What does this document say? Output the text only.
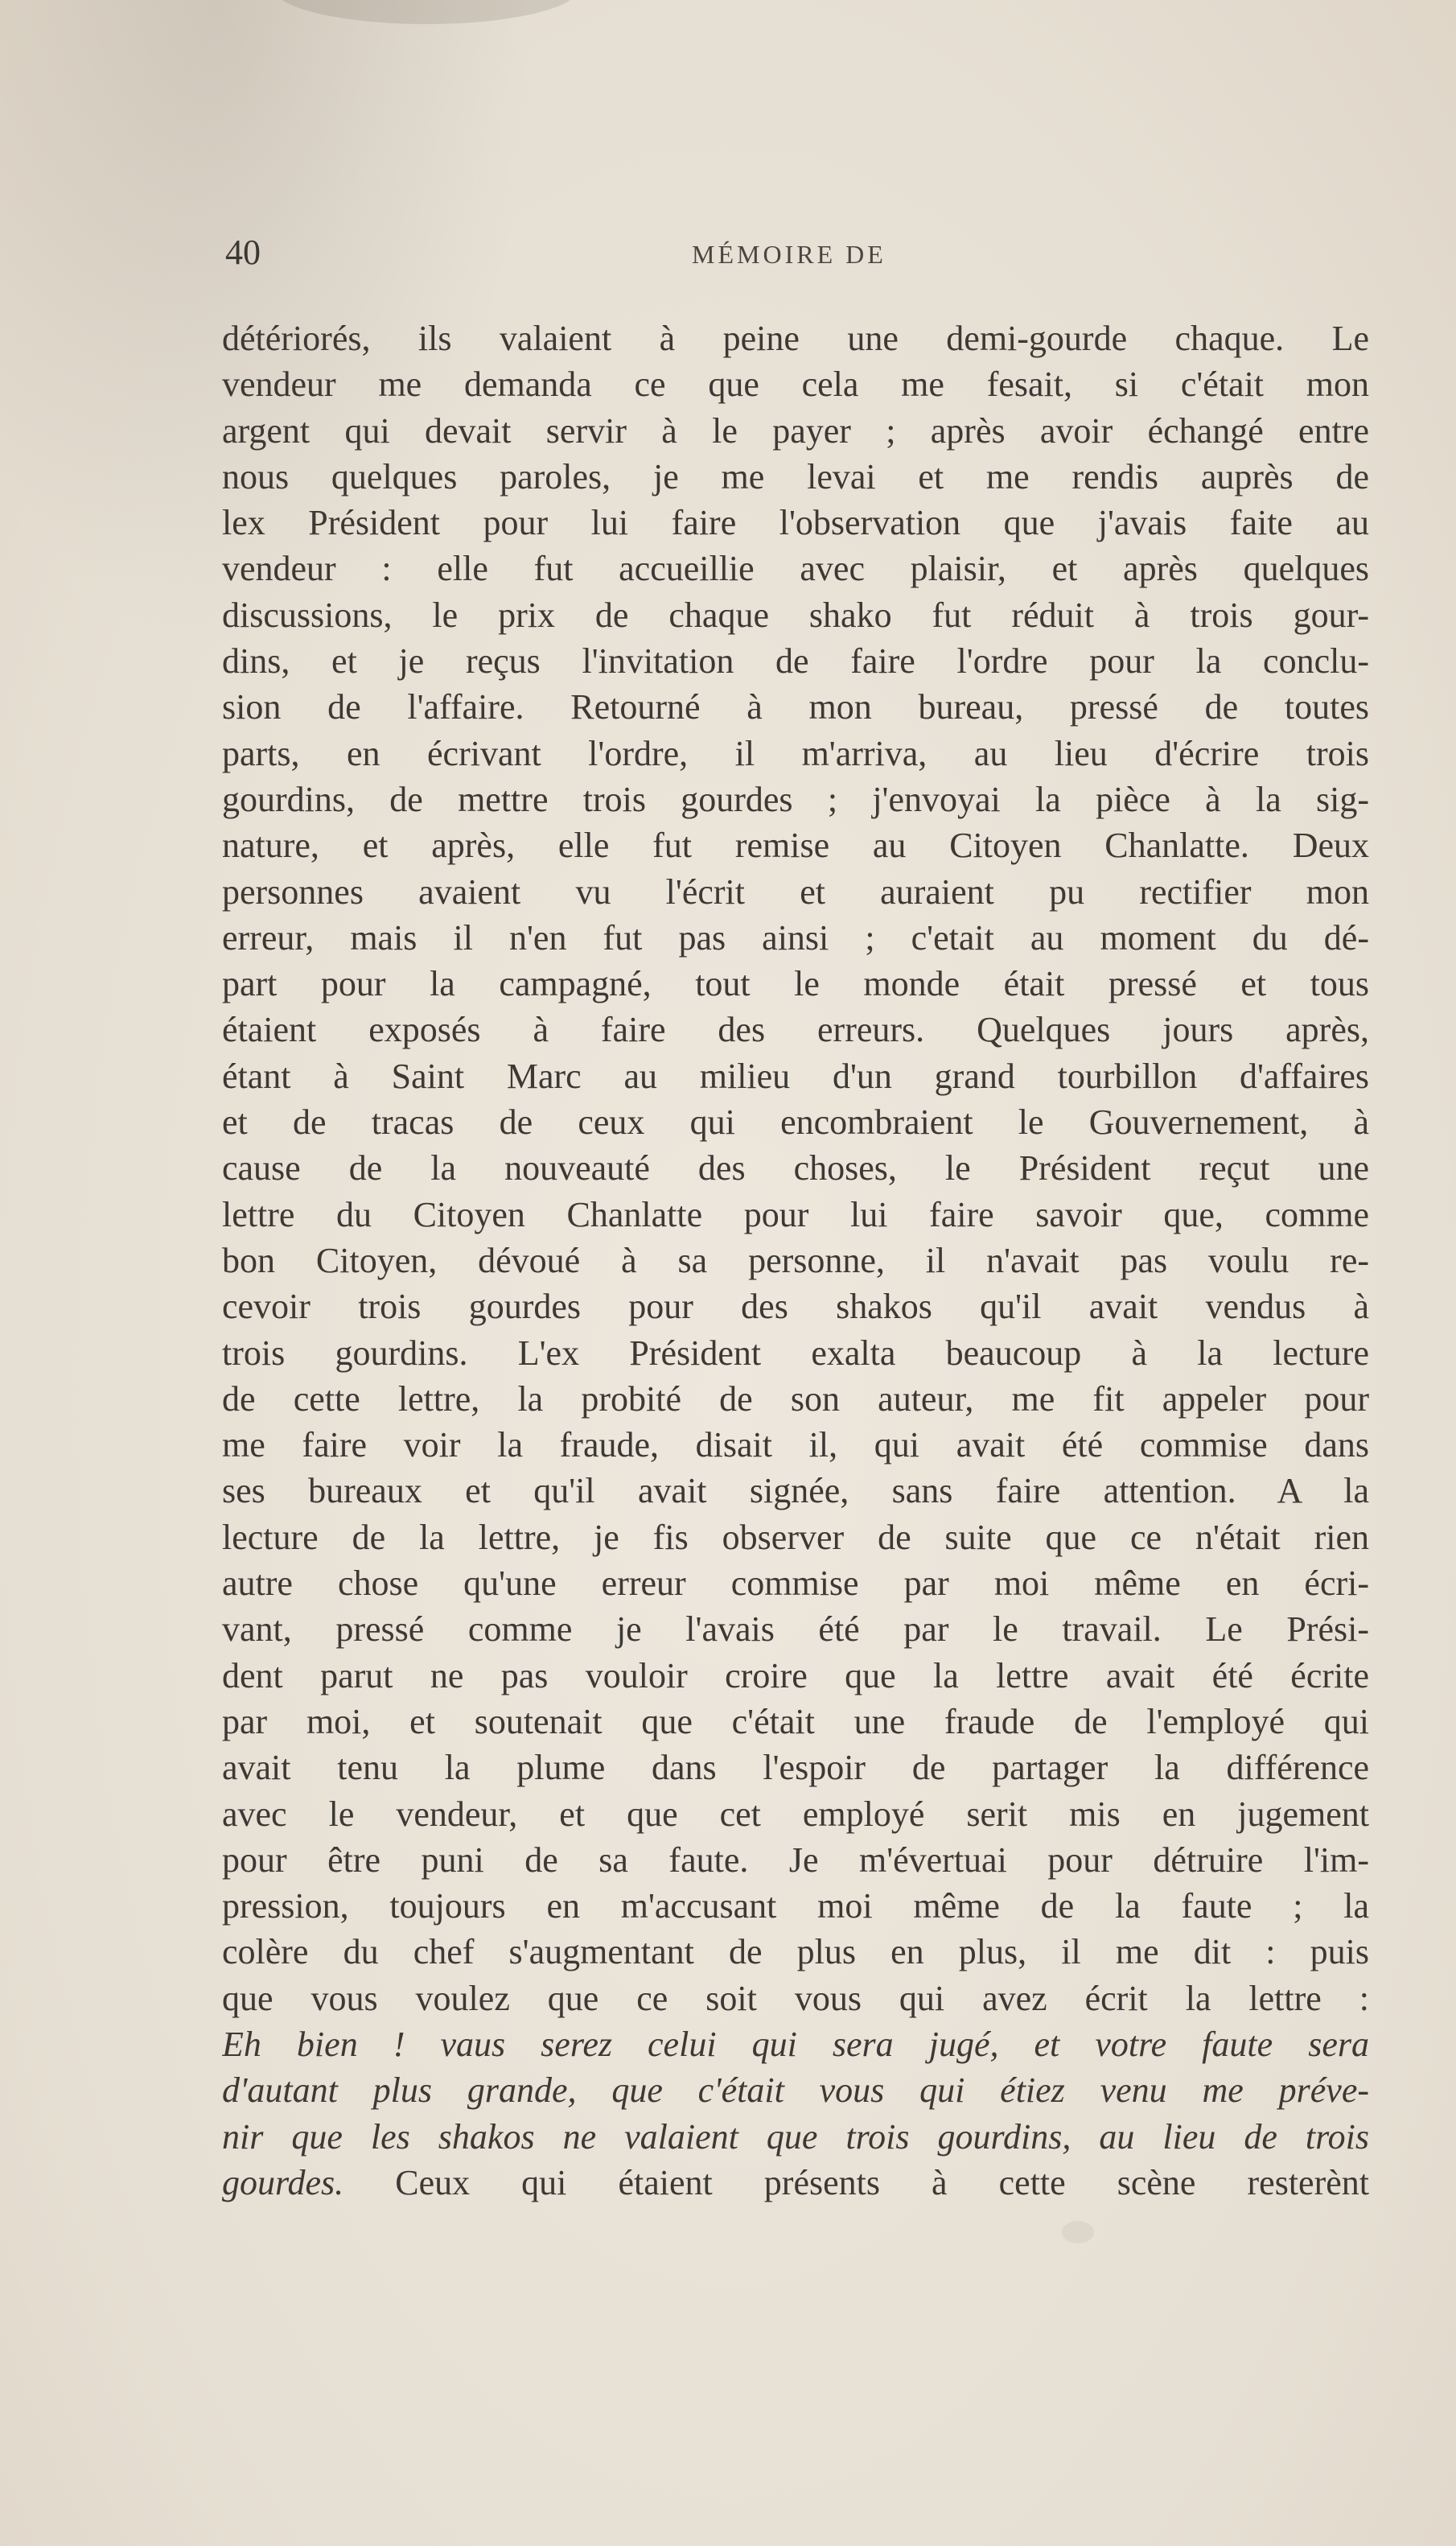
40	MÉMOIRE DE
détériorés, ils valaient à peine une demi-gourde chaque. Le
vendeur me demanda ce que cela me fesait, si c'était mon
argent qui devait servir à le payer ; après avoir échangé entre
nous quelques paroles, je me levai et me rendis auprès de
lex Président pour lui faire l'observation que j'avais faite au
vendeur : elle fut accueillie avec plaisir, et après quelques
discussions, le prix de chaque shako fut réduit à trois gour-
dins, et je reçus l'invitation de faire l'ordre pour la conclu-
sion de l'affaire. Retourné à mon bureau, pressé de toutes
parts, en écrivant l'ordre, il m'arriva, au lieu d'écrire trois
gourdins, de mettre trois gourdes ; j'envoyai la pièce à la sig-
nature, et après, elle fut remise au Citoyen Chanlatte. Deux
personnes avaient vu l'écrit et auraient pu rectifier mon
erreur, mais il n'en fut pas ainsi ; c'etait au moment du dé-
part pour la campagné, tout le monde était pressé et tous
étaient exposés à faire des erreurs. Quelques jours après,
étant à Saint Marc au milieu d'un grand tourbillon d'affaires
et de tracas de ceux qui encombraient le Gouvernement, à
cause de la nouveauté des choses, le Président reçut une
lettre du Citoyen Chanlatte pour lui faire savoir que, comme
bon Citoyen, dévoué à sa personne, il n'avait pas voulu re-
cevoir trois gourdes pour des shakos qu'il avait vendus à
trois gourdins. L'ex Président exalta beaucoup à la lecture
de cette lettre, la probité de son auteur, me fit appeler pour
me faire voir la fraude, disait il, qui avait été commise dans
ses bureaux et qu'il avait signée, sans faire attention. A la
lecture de la lettre, je fis observer de suite que ce n'était rien
autre chose qu'une erreur commise par moi même en écri-
vant, pressé comme je l'avais été par le travail. Le Prési-
dent parut ne pas vouloir croire que la lettre avait été écrite
par moi, et soutenait que c'était une fraude de l'employé qui
avait tenu la plume dans l'espoir de partager la différence
avec le vendeur, et que cet employé serit mis en jugement
pour être puni de sa faute. Je m'évertuai pour détruire l'im-
pression, toujours en m'accusant moi même de la faute ; la
colère du chef s'augmentant de plus en plus, il me dit : puis
que vous voulez que ce soit vous qui avez écrit la lettre :
Eh bien ! vaus serez celui qui sera jugé, et votre faute sera
d'autant plus grande, que c'était vous qui étiez venu me préve-
nir que les shakos ne valaient que trois gourdins, au lieu de trois
gourdes. Ceux qui étaient présents à cette scène resterènt
